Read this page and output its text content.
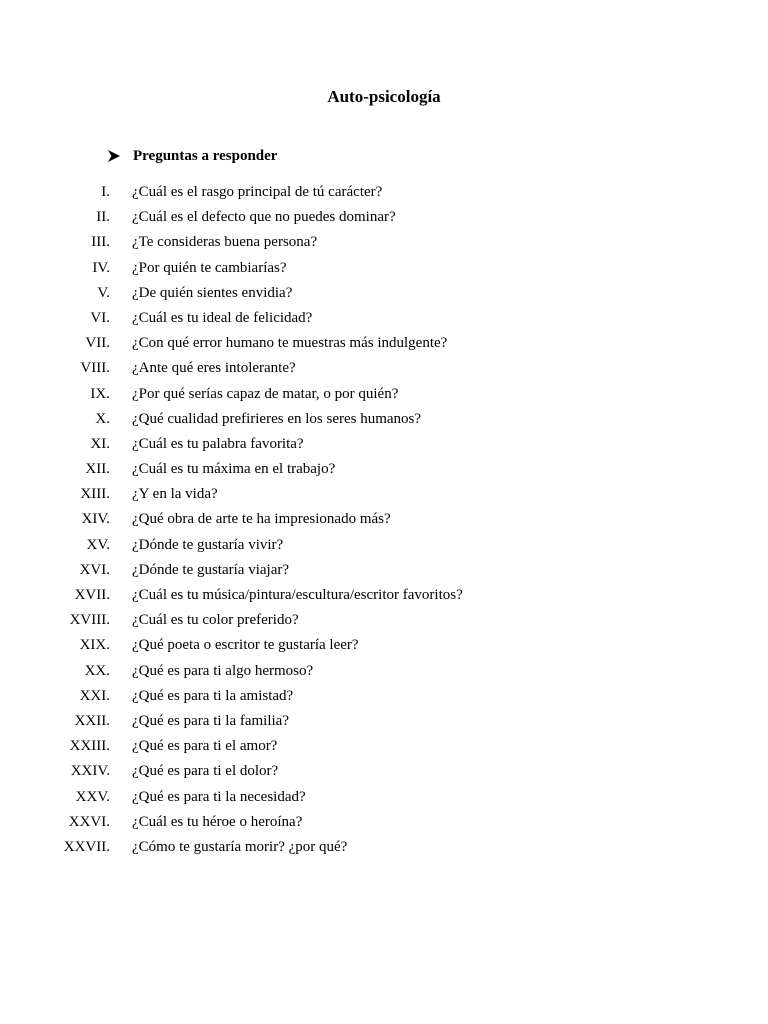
Auto-psicología
Preguntas a responder
I. ¿Cuál es el rasgo principal de tú carácter?
II. ¿Cuál es el defecto que no puedes dominar?
III. ¿Te consideras buena persona?
IV. ¿Por quién te cambiarías?
V. ¿De quién sientes envidia?
VI. ¿Cuál es tu ideal de felicidad?
VII. ¿Con qué error humano te muestras más indulgente?
VIII. ¿Ante qué eres intolerante?
IX. ¿Por qué serías capaz de matar, o por quién?
X. ¿Qué cualidad prefirieres en los seres humanos?
XI. ¿Cuál es tu palabra favorita?
XII. ¿Cuál es tu máxima en el trabajo?
XIII. ¿Y en la vida?
XIV. ¿Qué obra de arte te ha impresionado más?
XV. ¿Dónde te gustaría vivir?
XVI. ¿Dónde te gustaría viajar?
XVII. ¿Cuál es tu música/pintura/escultura/escritor favoritos?
XVIII. ¿Cuál es tu color preferido?
XIX. ¿Qué poeta o escritor te gustaría leer?
XX. ¿Qué es para ti algo hermoso?
XXI. ¿Qué es para ti la amistad?
XXII. ¿Qué es para ti la familia?
XXIII. ¿Qué es para ti el amor?
XXIV. ¿Qué es para ti el dolor?
XXV. ¿Qué es para ti la necesidad?
XXVI. ¿Cuál es tu héroe o heroína?
XXVII. ¿Cómo te gustaría morir? ¿por qué?
